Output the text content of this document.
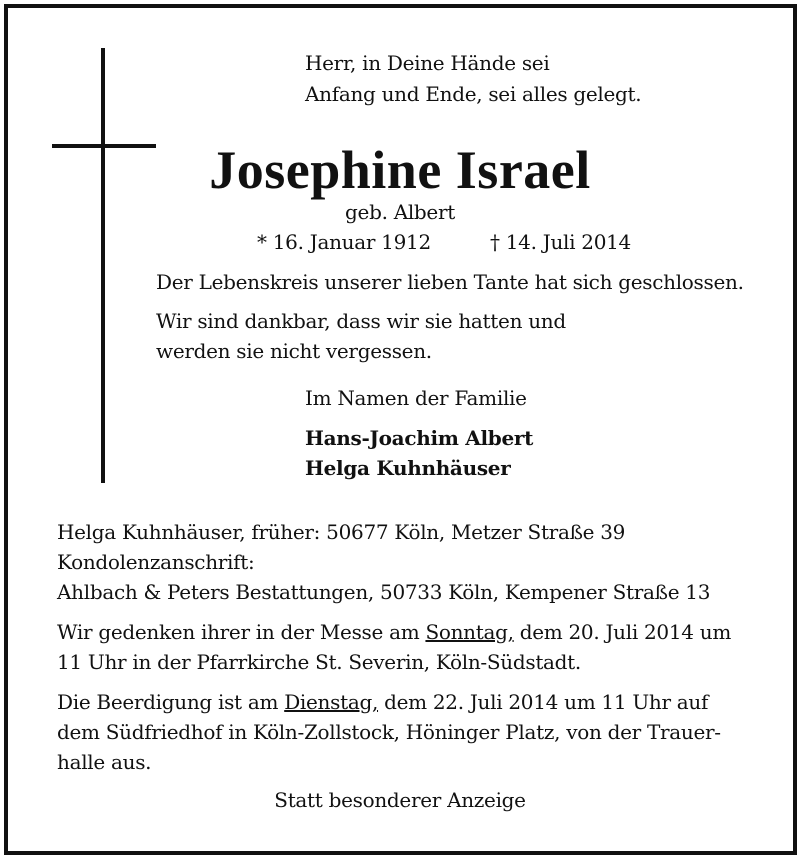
Herr, in Deine Hände sei

Anfang und Ende, sei alles gelegt.

Josephine Israel

geb. Albert

* 16. Januar 1912	† 14. Juli 2014

Der Lebenskreis unserer lieben Tante hat sich geschlossen.

Wir sind dankbar, dass wir sie hatten und

werden sie nicht vergessen.

Im Namen der Familie

Hans-Joachim Albert

Helga Kuhnhäuser

Helga Kuhnhäuser, früher: 50677 Köln, Metzer Straße 39

Kondolenzanschrift:

Ahlbach & Peters Bestattungen, 50733 Köln, Kempener Straße 13

Wir gedenken ihrer in der Messe am Sonntag, dem 20. Juli 2014 um

11 Uhr in der Pfarrkirche St. Severin, Köln-Südstadt.

Die Beerdigung ist am Dienstag, dem 22. Juli 2014 um 11 Uhr auf

dem Südfriedhof in Köln-Zollstock, Höninger Platz, von der Trauer-

halle aus.

Statt besonderer Anzeige
